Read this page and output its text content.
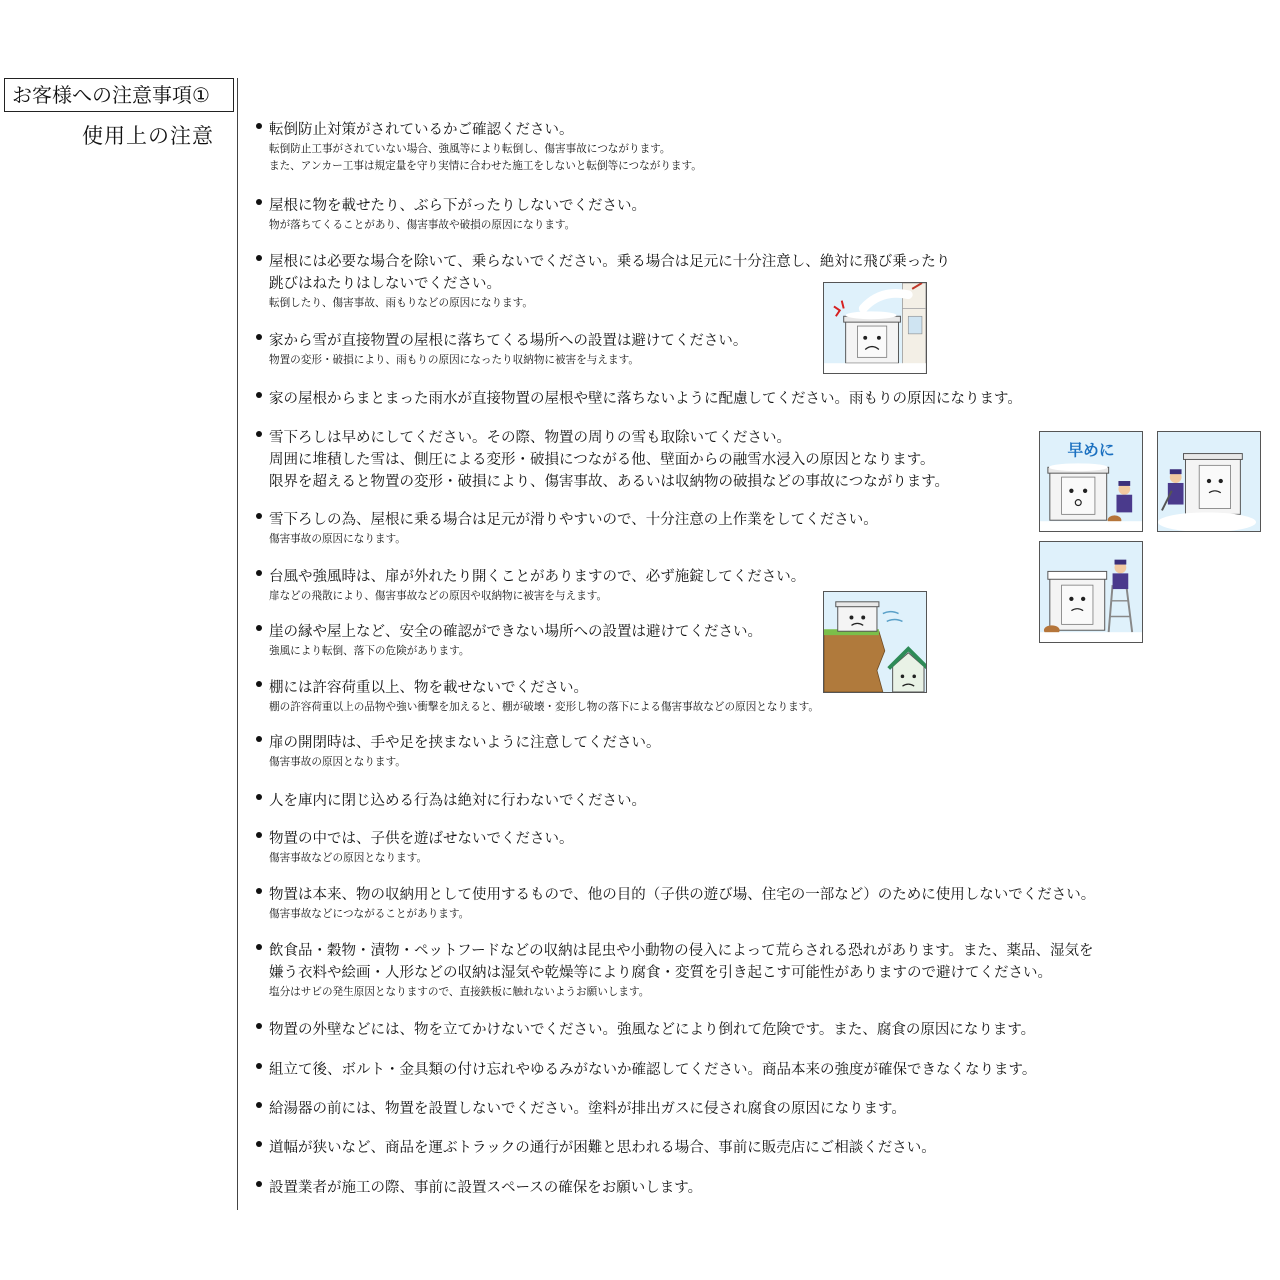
お客様への注意事項①
使用上の注意	転倒防止対策がされているかご確認ください。
転倒防止工事がされていない場合、強風等により転倒し、傷害事故につながります。
また、アンカー工事は規定量を守り実情に合わせた施工をしないと転倒等につながります。
屋根に物を載せたり、ぶら下がったりしないでください。
物が落ちてくることがあり、傷害事故や破損の原因になります。
屋根には必要な場合を除いて、乗らないでください。乗る場合は足元に十分注意し、絶対に飛び乗ったり
跳びはねたりはしないでください。
転倒したり、傷害事故、雨もりなどの原因になります。
家から雪が直接物置の屋根に落ちてくる場所への設置は避けてください。
物置の変形・破損により、雨もりの原因になったり収納物に被害を与えます。
家の屋根からまとまった雨水が直接物置の屋根や壁に落ちないように配慮してください。雨もりの原因になります。
雪下ろしは早めにしてください。その際、物置の周りの雪も取除いてください。
周囲に堆積した雪は、側圧による変形・破損につながる他、壁面からの融雪水浸入の原因となります。
限界を超えると物置の変形・破損により、傷害事故、あるいは収納物の破損などの事故につながります。
雪下ろしの為、屋根に乗る場合は足元が滑りやすいので、十分注意の上作業をしてください。
傷害事故の原因になります。
台風や強風時は、扉が外れたり開くことがありますので、必ず施錠してください。
扉などの飛散により、傷害事故などの原因や収納物に被害を与えます。
崖の縁や屋上など、安全の確認ができない場所への設置は避けてください。
強風により転倒、落下の危険があります。
棚には許容荷重以上、物を載せないでください。
棚の許容荷重以上の品物や強い衝撃を加えると、棚が破壊・変形し物の落下による傷害事故などの原因となります。
扉の開閉時は、手や足を挟まないように注意してください。
傷害事故の原因となります。
人を庫内に閉じ込める行為は絶対に行わないでください。
物置の中では、子供を遊ばせないでください。
傷害事故などの原因となります。
物置は本来、物の収納用として使用するもので、他の目的（子供の遊び場、住宅の一部など）のために使用しないでください。
傷害事故などにつながることがあります。
飲食品・穀物・漬物・ペットフードなどの収納は昆虫や小動物の侵入によって荒らされる恐れがあります。また、薬品、湿気を
嫌う衣料や絵画・人形などの収納は湿気や乾燥等により腐食・変質を引き起こす可能性がありますので避けてください。
塩分はサビの発生原因となりますので、直接鉄板に触れないようお願いします。
物置の外壁などには、物を立てかけないでください。強風などにより倒れて危険です。また、腐食の原因になります。
組立て後、ボルト・金具類の付け忘れやゆるみがないか確認してください。商品本来の強度が確保できなくなります。
給湯器の前には、物置を設置しないでください。塗料が排出ガスに侵され腐食の原因になります。
道幅が狭いなど、商品を運ぶトラックの通行が困難と思われる場合、事前に販売店にご相談ください。
設置業者が施工の際、事前に設置スペースの確保をお願いします。
早めに
